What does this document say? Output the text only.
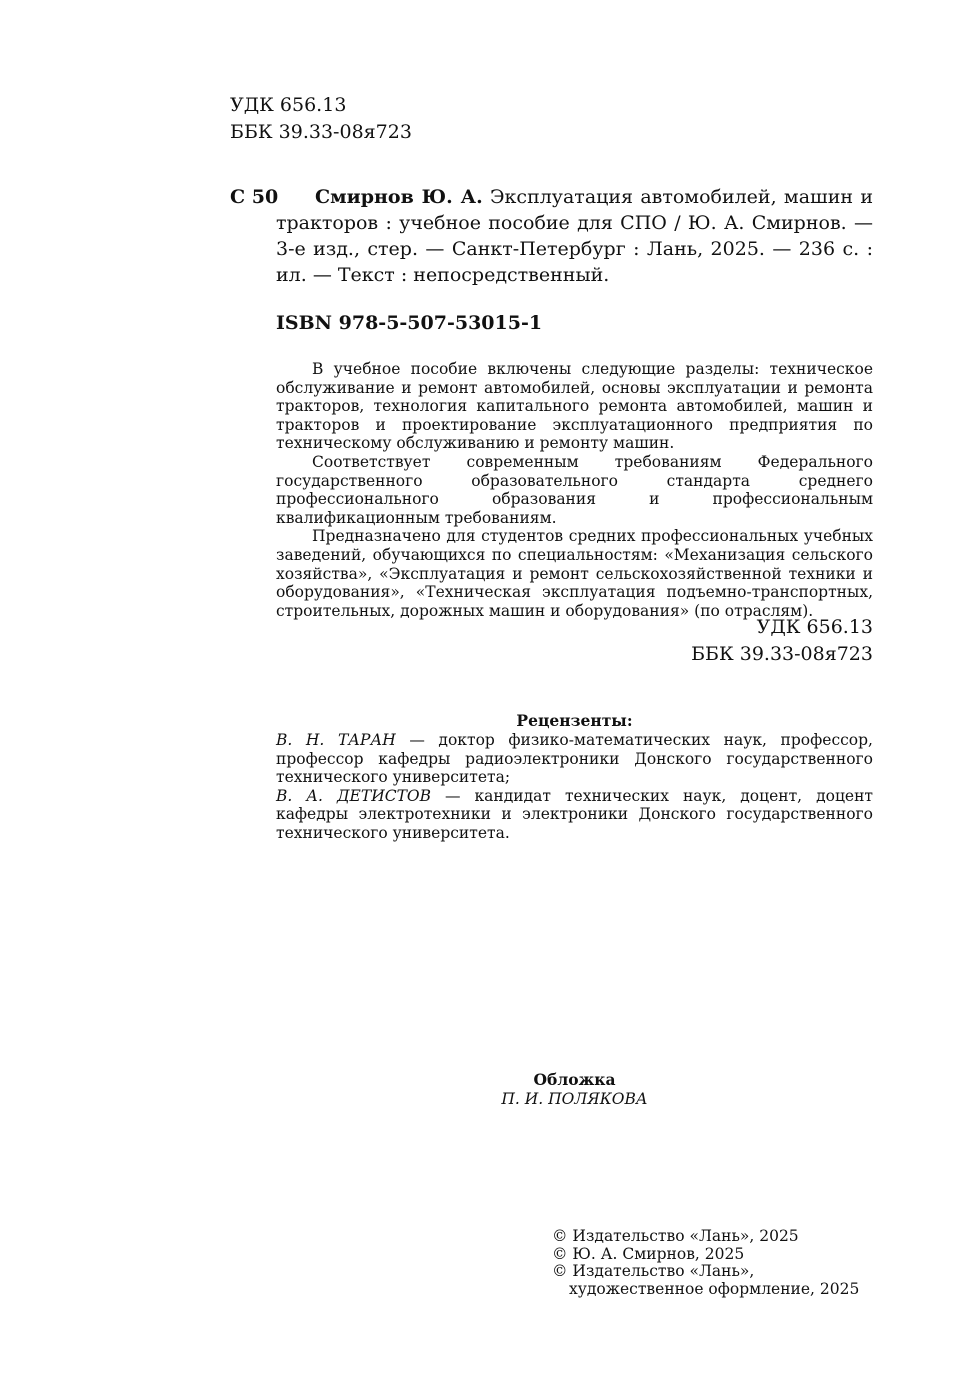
УДК 656.13
ББК 39.33-08я723
С 50	Смирнов Ю. А. Эксплуатация автомобилей, машин и тракторов : учебное пособие для СПО / Ю. А. Смирнов. — 3-е изд., стер. — Санкт-Петербург : Лань, 2025. — 236 с. : ил. — Текст : непосредственный.

ISBN 978-5-507-53015-1

В учебное пособие включены следующие разделы: техническое обслуживание и ремонт автомобилей, основы эксплуатации и ремонта тракторов, технология капитального ремонта автомобилей, машин и тракторов и проектирование эксплуатационного предприятия по техническому обслуживанию и ремонту машин.

Соответствует современным требованиям Федерального государственного образовательного стандарта среднего профессионального образования и профессиональным квалификационным требованиям.

Предназначено для студентов средних профессиональных учебных заведений, обучающихся по специальностям: «Механизация сельского хозяйства», «Эксплуатация и ремонт сельскохозяйственной техники и оборудования», «Техническая эксплуатация подъемно-транспортных, строительных, дорожных машин и оборудования» (по отраслям).

УДК 656.13
ББК 39.33-08я723
Рецензенты:

В. Н. ТАРАН — доктор физико-математических наук, профессор, профессор кафедры радиоэлектроники Донского государственного технического университета;

В. А. ДЕТИСТОВ — кандидат технических наук, доцент, доцент кафедры электротехники и электроники Донского государственного технического университета.

Обложка
П. И. ПОЛЯКОВА
© Издательство «Лань», 2025
© Ю. А. Смирнов, 2025
© Издательство «Лань»,
художественное оформление, 2025
